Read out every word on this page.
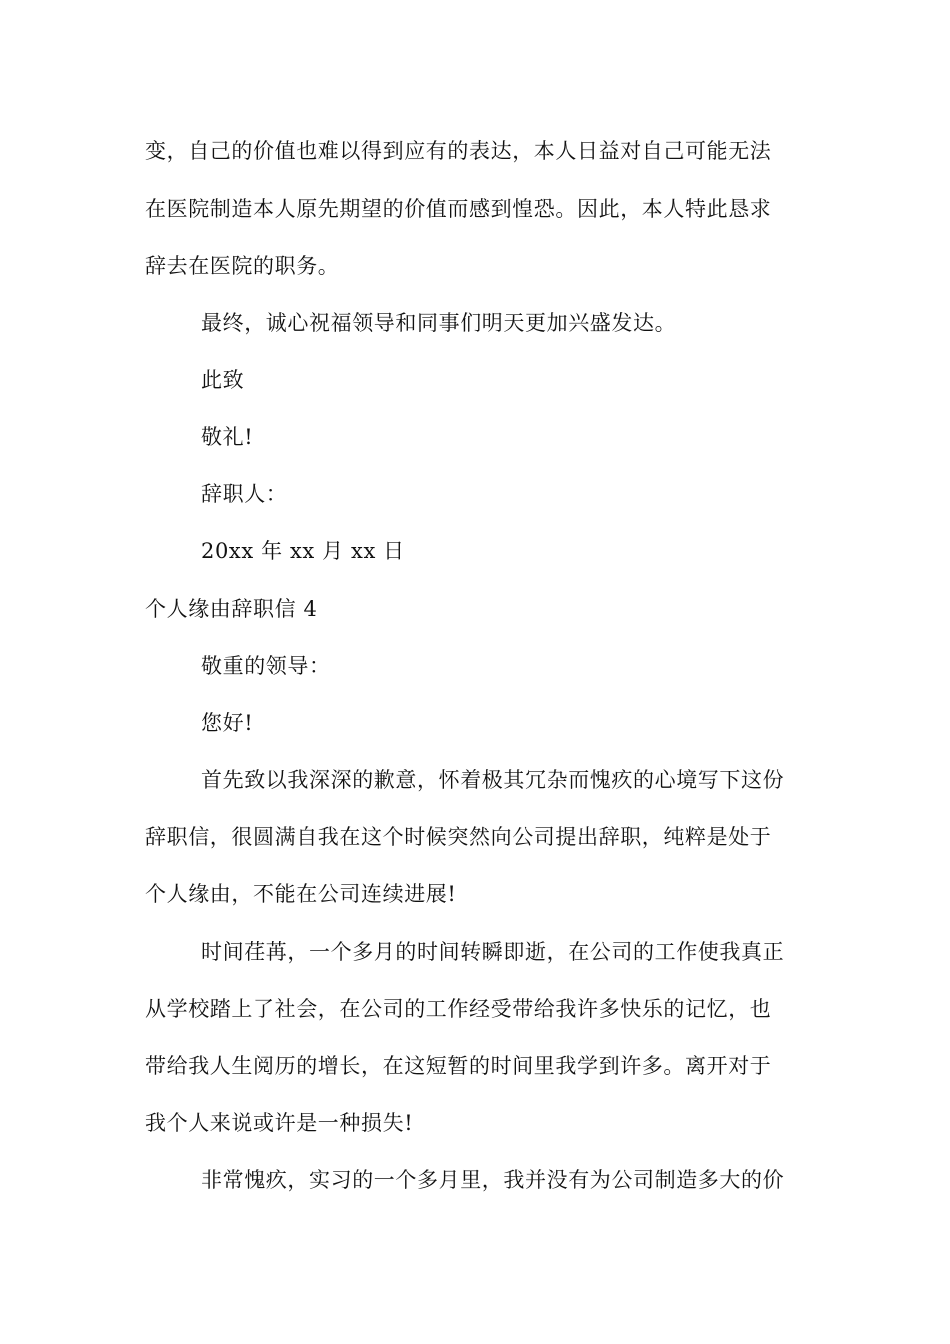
变，自己的价值也难以得到应有的表达，本人日益对自己可能无法
在医院制造本人原先期望的价值而感到惶恐。因此，本人特此恳求
辞去在医院的职务。
最终，诚心祝福领导和同事们明天更加兴盛发达。
此致
敬礼!
辞职人：
20xx 年 xx 月 xx 日
个人缘由辞职信 4
敬重的领导：
您好!
首先致以我深深的歉意，怀着极其冗杂而愧疚的心境写下这份
辞职信，很圆满自我在这个时候突然向公司提出辞职，纯粹是处于
个人缘由，不能在公司连续进展!
时间荏苒，一个多月的时间转瞬即逝，在公司的工作使我真正
从学校踏上了社会，在公司的工作经受带给我许多快乐的记忆，也
带给我人生阅历的增长，在这短暂的时间里我学到许多。离开对于
我个人来说或许是一种损失!
非常愧疚，实习的一个多月里，我并没有为公司制造多大的价
